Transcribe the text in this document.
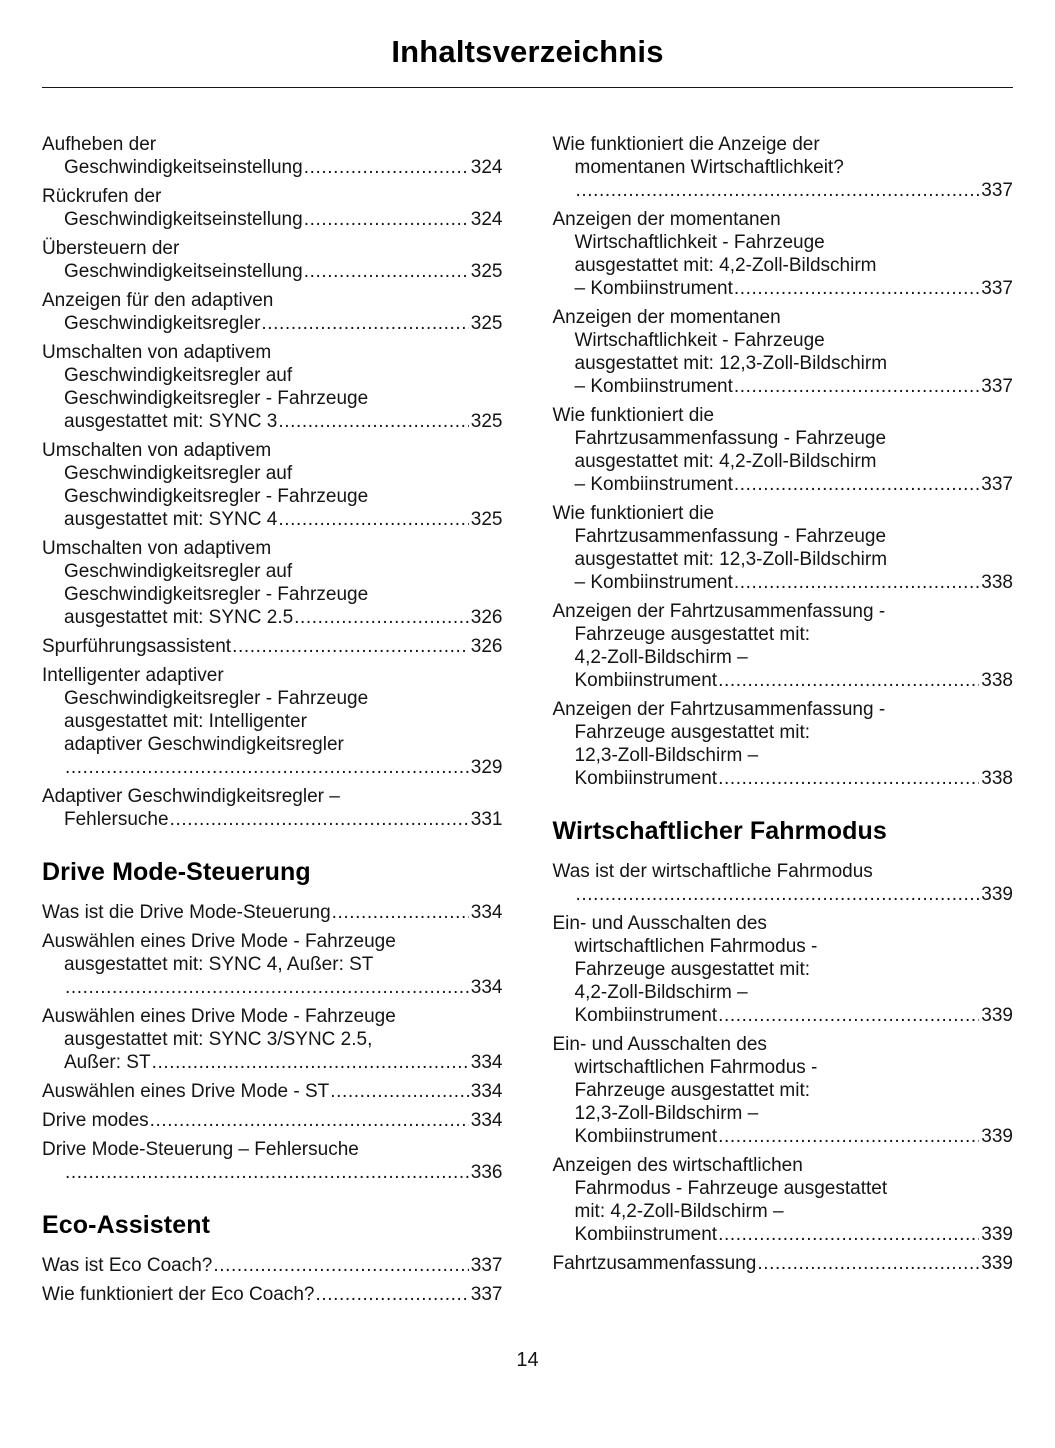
Inhaltsverzeichnis
Aufheben der
Geschwindigkeitseinstellung .....	324
Rückrufen der
Geschwindigkeitseinstellung .....	324
Übersteuern der
Geschwindigkeitseinstellung .....	325
Anzeigen für den adaptiven
Geschwindigkeitsregler .....	325
Umschalten von adaptivem
Geschwindigkeitsregler auf
Geschwindigkeitsregler - Fahrzeuge
ausgestattet mit: SYNC 3 .....	325
Umschalten von adaptivem
Geschwindigkeitsregler auf
Geschwindigkeitsregler - Fahrzeuge
ausgestattet mit: SYNC 4 .....	325
Umschalten von adaptivem
Geschwindigkeitsregler auf
Geschwindigkeitsregler - Fahrzeuge
ausgestattet mit: SYNC 2.5 .....	326
Spurführungsassistent .....	326
Intelligenter adaptiver
Geschwindigkeitsregler - Fahrzeuge
ausgestattet mit: Intelligenter
adaptiver Geschwindigkeitsregler
.....
329
Adaptiver Geschwindigkeitsregler –
Fehlersuche .....	331
Drive Mode-Steuerung
Was ist die Drive Mode-Steuerung .....	334
Auswählen eines Drive Mode - Fahrzeuge
ausgestattet mit: SYNC 4, Außer: ST
.....
334
Auswählen eines Drive Mode - Fahrzeuge
ausgestattet mit: SYNC 3/SYNC 2.5,
Außer: ST .....	334
Auswählen eines Drive Mode - ST .....	334
Drive modes .....	334
Drive Mode-Steuerung – Fehlersuche
.....
336
Eco-Assistent
Was ist Eco Coach? .....	337
Wie funktioniert der Eco Coach? .....	337
Wie funktioniert die Anzeige der
momentanen Wirtschaftlichkeit?
.....
337
Anzeigen der momentanen
Wirtschaftlichkeit - Fahrzeuge
ausgestattet mit: 4,2-Zoll-Bildschirm
– Kombiinstrument .....	337
Anzeigen der momentanen
Wirtschaftlichkeit - Fahrzeuge
ausgestattet mit: 12,3-Zoll-Bildschirm
– Kombiinstrument .....	337
Wie funktioniert die
Fahrtzusammenfassung - Fahrzeuge
ausgestattet mit: 4,2-Zoll-Bildschirm
– Kombiinstrument .....	337
Wie funktioniert die
Fahrtzusammenfassung - Fahrzeuge
ausgestattet mit: 12,3-Zoll-Bildschirm
– Kombiinstrument .....	338
Anzeigen der Fahrtzusammenfassung -
Fahrzeuge ausgestattet mit:
4,2-Zoll-Bildschirm –
Kombiinstrument .....	338
Anzeigen der Fahrtzusammenfassung -
Fahrzeuge ausgestattet mit:
12,3-Zoll-Bildschirm –
Kombiinstrument .....	338
Wirtschaftlicher Fahrmodus
Was ist der wirtschaftliche Fahrmodus
.....
339
Ein- und Ausschalten des
wirtschaftlichen Fahrmodus -
Fahrzeuge ausgestattet mit:
4,2-Zoll-Bildschirm –
Kombiinstrument .....	339
Ein- und Ausschalten des
wirtschaftlichen Fahrmodus -
Fahrzeuge ausgestattet mit:
12,3-Zoll-Bildschirm –
Kombiinstrument .....	339
Anzeigen des wirtschaftlichen
Fahrmodus - Fahrzeuge ausgestattet
mit: 4,2-Zoll-Bildschirm –
Kombiinstrument .....	339
Fahrtzusammenfassung .....	339
14
